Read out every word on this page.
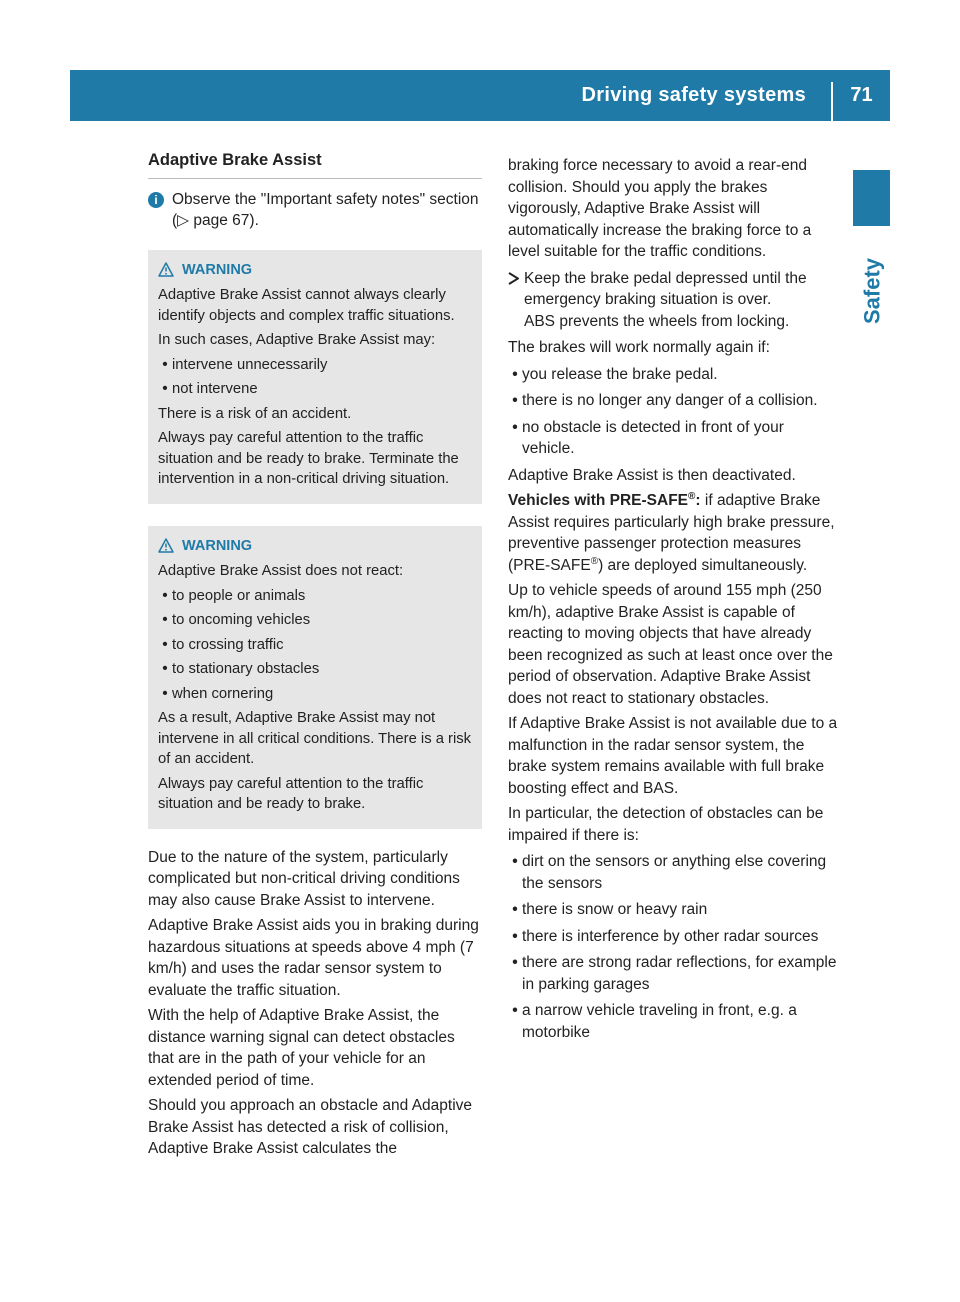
Driving safety systems	71
Safety
Adaptive Brake Assist
i Observe the "Important safety notes" section (▷ page 67).
WARNING

Adaptive Brake Assist cannot always clearly identify objects and complex traffic situations.

In such cases, Adaptive Brake Assist may:

• intervene unnecessarily
• not intervene

There is a risk of an accident.

Always pay careful attention to the traffic situation and be ready to brake. Terminate the intervention in a non-critical driving situation.

WARNING

Adaptive Brake Assist does not react:

• to people or animals
• to oncoming vehicles
• to crossing traffic
• to stationary obstacles
• when cornering

As a result, Adaptive Brake Assist may not intervene in all critical conditions. There is a risk of an accident.

Always pay careful attention to the traffic situation and be ready to brake.

Due to the nature of the system, particularly complicated but non-critical driving conditions may also cause Brake Assist to intervene.

Adaptive Brake Assist aids you in braking during hazardous situations at speeds above 4 mph (7 km/h) and uses the radar sensor system to evaluate the traffic situation.

With the help of Adaptive Brake Assist, the distance warning signal can detect obstacles that are in the path of your vehicle for an extended period of time.

Should you approach an obstacle and Adaptive Brake Assist has detected a risk of collision, Adaptive Brake Assist calculates the

braking force necessary to avoid a rear-end collision. Should you apply the brakes vigorously, Adaptive Brake Assist will automatically increase the braking force to a level suitable for the traffic conditions.

Keep the brake pedal depressed until the emergency braking situation is over.
ABS prevents the wheels from locking.

The brakes will work normally again if:

• you release the brake pedal.
• there is no longer any danger of a collision.
• no obstacle is detected in front of your vehicle.

Adaptive Brake Assist is then deactivated.

Vehicles with PRE-SAFE®: if adaptive Brake Assist requires particularly high brake pressure, preventive passenger protection measures (PRE-SAFE®) are deployed simultaneously.

Up to vehicle speeds of around 155 mph (250 km/h), adaptive Brake Assist is capable of reacting to moving objects that have already been recognized as such at least once over the period of observation. Adaptive Brake Assist does not react to stationary obstacles.

If Adaptive Brake Assist is not available due to a malfunction in the radar sensor system, the brake system remains available with full brake boosting effect and BAS.

In particular, the detection of obstacles can be impaired if there is:

• dirt on the sensors or anything else covering the sensors
• there is snow or heavy rain
• there is interference by other radar sources
• there are strong radar reflections, for example in parking garages
• a narrow vehicle traveling in front, e.g. a motorbike
